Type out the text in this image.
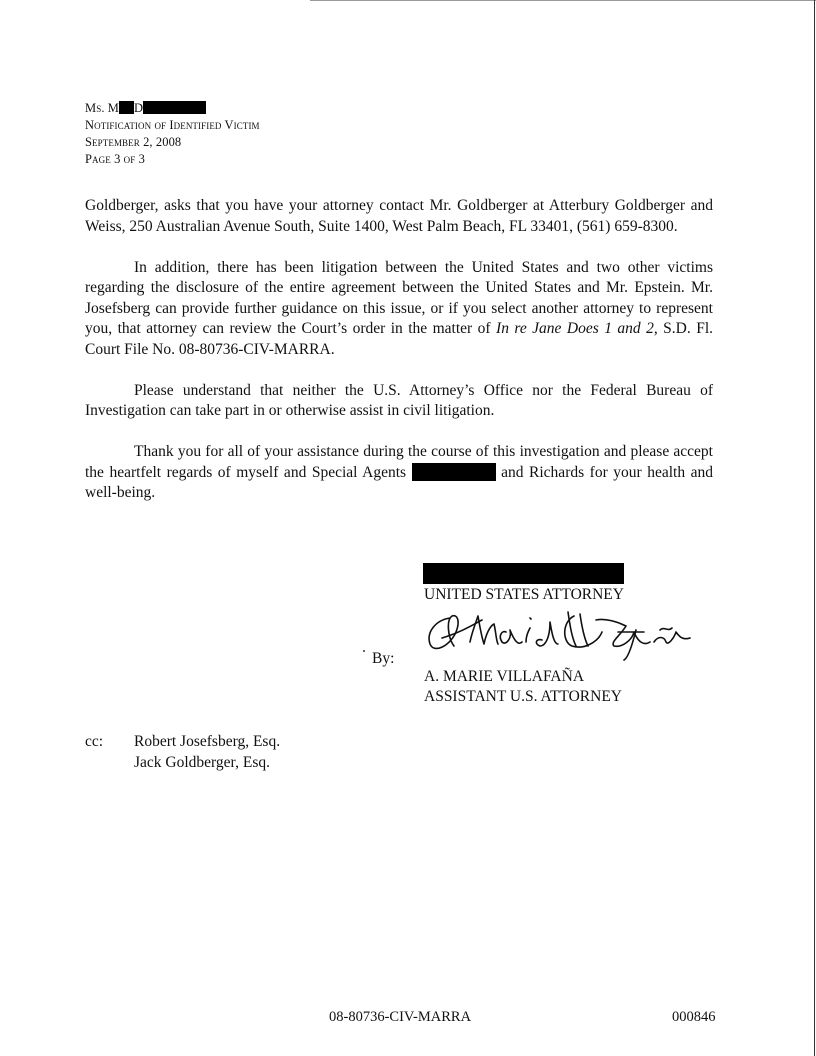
Ms. M D
Notification of Identified Victim
September 2, 2008
Page 3 of 3

Goldberger, asks that you have your attorney contact Mr. Goldberger at Atterbury Goldberger and Weiss, 250 Australian Avenue South, Suite 1400, West Palm Beach, FL 33401, (561) 659-8300.

In addition, there has been litigation between the United States and two other victims regarding the disclosure of the entire agreement between the United States and Mr. Epstein. Mr. Josefsberg can provide further guidance on this issue, or if you select another attorney to represent you, that attorney can review the Court’s order in the matter of In re Jane Does 1 and 2, S.D. Fl. Court File No. 08-80736-CIV-MARRA.

Please understand that neither the U.S. Attorney’s Office nor the Federal Bureau of Investigation can take part in or otherwise assist in civil litigation.

Thank you for all of your assistance during the course of this investigation and please accept the heartfelt regards of myself and Special Agents	and Richards for your health and well-being.

UNITED STATES ATTORNEY
By:
A. MARIE VILLAFAÑA
ASSISTANT U.S. ATTORNEY
cc: Robert Josefsberg, Esq.
Jack Goldberger, Esq.
08-80736-CIV-MARRA	000846
